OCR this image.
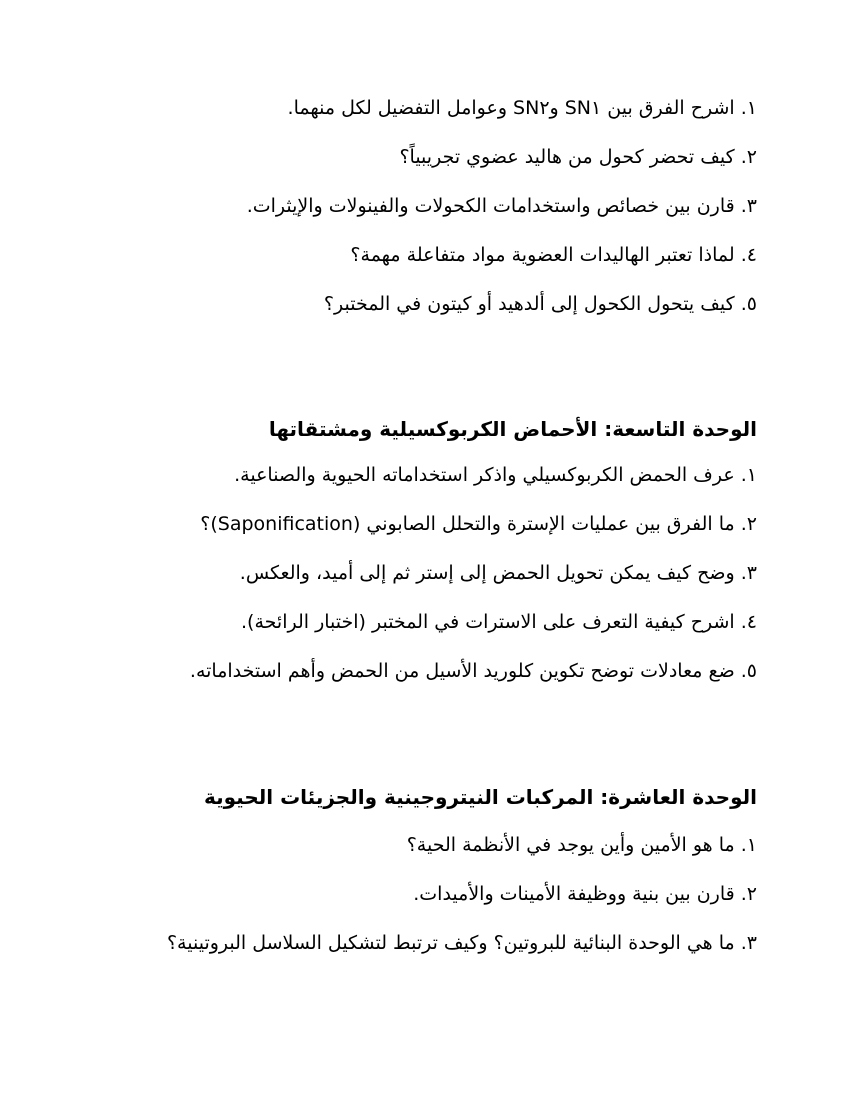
١. اشرح الفرق بين SN١ وSN٢ وعوامل التفضيل لكل منهما.
٢. كيف تحضر كحول من هاليد عضوي تجريبياً؟
٣. قارن بين خصائص واستخدامات الكحولات والفينولات والإيثرات.
٤. لماذا تعتبر الهاليدات العضوية مواد متفاعلة مهمة؟
٥. كيف يتحول الكحول إلى ألدهيد أو كيتون في المختبر؟
الوحدة التاسعة: الأحماض الكربوكسيلية ومشتقاتها
١. عرف الحمض الكربوكسيلي واذكر استخداماته الحيوية والصناعية.
٢. ما الفرق بين عمليات الإسترة والتحلل الصابوني (Saponification)؟
٣. وضح كيف يمكن تحويل الحمض إلى إستر ثم إلى أميد، والعكس.
٤. اشرح كيفية التعرف على الاسترات في المختبر (اختبار الرائحة).
٥. ضع معادلات توضح تكوين كلوريد الأسيل من الحمض وأهم استخداماته.
الوحدة العاشرة: المركبات النيتروجينية والجزيئات الحيوية
١. ما هو الأمين وأين يوجد في الأنظمة الحية؟
٢. قارن بين بنية ووظيفة الأمينات والأميدات.
٣. ما هي الوحدة البنائية للبروتين؟ وكيف ترتبط لتشكيل السلاسل البروتينية؟
